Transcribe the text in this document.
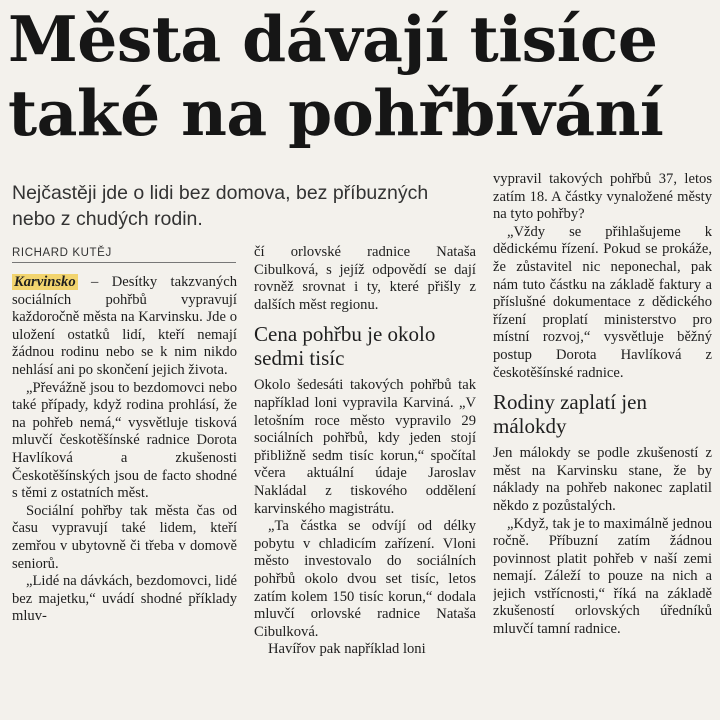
Města dávají tisíce
také na pohřbívání

Nejčastěji jde o lidi bez domova, bez příbuzných nebo z chudých rodin.

RICHARD KUTĚJ

Karvinsko – Desítky takzvaných sociálních pohřbů vypravují každoročně města na Karvinsku. Jde o uložení ostatků lidí, kteří nemají žádnou rodinu nebo se k nim nikdo nehlásí ani po skončení jejich života.

„Převážně jsou to bezdomovci nebo také případy, když rodina prohlásí, že na pohřeb nemá,“ vysvětluje tisková mluvčí českotěšínské radnice Dorota Havlíková a zkušenosti Českotěšínských jsou de facto shodné s těmi z ostatních měst.

Sociální pohřby tak města čas od času vypravují také lidem, kteří zemřou v ubytovně či třeba v domově seniorů.

„Lidé na dávkách, bezdomovci, lidé bez majetku,“ uvádí shodné příklady mluv-

čí orlovské radnice Nataša Cibulková, s jejíž odpovědí se dají rovněž srovnat i ty, které přišly z dalších měst regionu.

Cena pohřbu je okolo sedmi tisíc

Okolo šedesáti takových pohřbů tak například loni vypravila Karviná. „V letošním roce město vypravilo 29 sociálních pohřbů, kdy jeden stojí přibližně sedm tisíc korun,“ spočítal včera aktuální údaje Jaroslav Nakládal z tiskového oddělení karvinského magistrátu.

„Ta částka se odvíjí od délky pobytu v chladicím zařízení. Vloni město investovalo do sociálních pohřbů okolo dvou set tisíc, letos zatím kolem 150 tisíc korun,“ dodala mluvčí orlovské radnice Nataša Cibulková.

Havířov pak například loni

vypravil takových pohřbů 37, letos zatím 18. A částky vynaložené městy na tyto pohřby?

„Vždy se přihlašujeme k dědickému řízení. Pokud se prokáže, že zůstavitel nic neponechal, pak nám tuto částku na základě faktury a příslušné dokumentace z dědického řízení proplatí ministerstvo pro místní rozvoj,“ vysvětluje běžný postup Dorota Havlíková z českotěšínské radnice.

Rodiny zaplatí jen málokdy

Jen málokdy se podle zkušeností z měst na Karvinsku stane, že by náklady na pohřeb nakonec zaplatil někdo z pozůstalých.

„Když, tak je to maximálně jednou ročně. Příbuzní zatím žádnou povinnost platit pohřeb v naší zemi nemají. Záleží to pouze na nich a jejich vstřícnosti,“ říká na základě zkušeností orlovských úředníků mluvčí tamní radnice.
